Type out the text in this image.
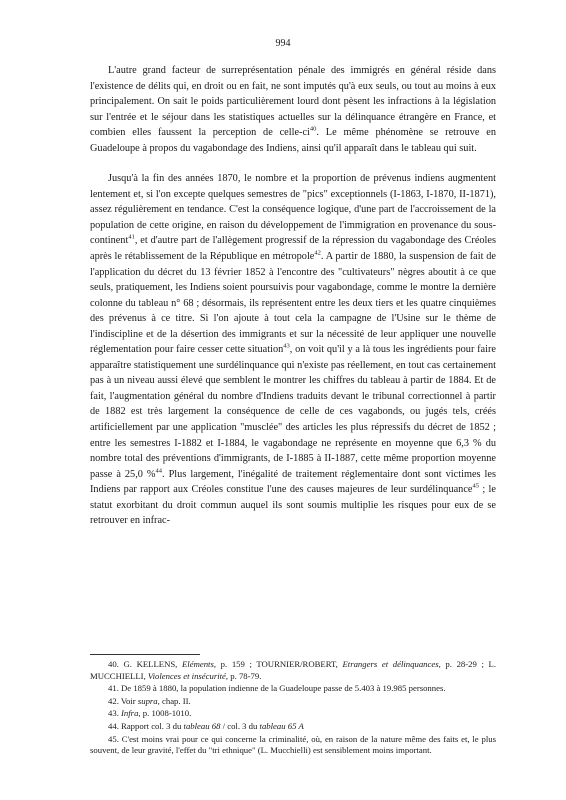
994

L'autre grand facteur de surreprésentation pénale des immigrés en général réside dans l'existence de délits qui, en droit ou en fait, ne sont imputés qu'à eux seuls, ou tout au moins à eux principalement. On sait le poids particulièrement lourd dont pèsent les infractions à la législation sur l'entrée et le séjour dans les statistiques actuelles sur la délinquance étrangère en France, et combien elles faussent la perception de celle-$ci^{40}$. Le même phénomène se retrouve en Guadeloupe à propos du vagabondage des Indiens, ainsi qu'il apparaît dans le tableau qui suit.

Jusqu'à la fin des années 1870, le nombre et la proportion de prévenus indiens augmentent lentement et, si l'on excepte quelques semestres de "pics" exceptionnels (I-1863, I-1870, II-1871), assez régulièrement en tendance. C'est la conséquence logique, d'une part de l'accroissement de la population de cette origine, en raison du développement de l'immigration en provenance du sous-continent$^{41}$, et d'autre part de l'allègement progressif de la répression du vagabondage des Créoles après le rétablissement de la République en métropole$^{42}$. A partir de 1880, la suspension de fait de l'application du décret du 13 février 1852 à l'encontre des "cultivateurs" nègres aboutit à ce que seuls, pratiquement, les Indiens soient poursuivis pour vagabondage, comme le montre la dernière colonne du tableau n° 68 ; désormais, ils représentent entre les deux tiers et les quatre cinquièmes des prévenus à ce titre. Si l'on ajoute à tout cela la campagne de l'Usine sur le thème de l'indiscipline et de la désertion des immigrants et sur la nécessité de leur appliquer une nouvelle réglementation pour faire cesser cette situation$^{43}$, on voit qu'il y a là tous les ingrédients pour faire apparaître statistiquement une surdélinquance qui n'existe pas réellement, en tout cas certainement pas à un niveau aussi élevé que semblent le montrer les chiffres du tableau à partir de 1884. Et de fait, l'augmentation général du nombre d'Indiens traduits devant le tribunal correctionnel à partir de 1882 est très largement la conséquence de celle de ces vagabonds, ou jugés tels, créés artificiellement par une application "musclée" des articles les plus répressifs du décret de 1852 ; entre les semestres I-1882 et I-1884, le vagabondage ne représente en moyenne que 6,3 % du nombre total des préventions d'immigrants, de I-1885 à II-1887, cette même proportion moyenne passe à 25,0 %$^{44}$. Plus largement, l'inégalité de traitement réglementaire dont sont victimes les Indiens par rapport aux Créoles constitue l'une des causes majeures de leur surdélinquance$^{45}$ ; le statut exorbitant du droit commun auquel ils sont soumis multiplie les risques pour eux de se retrouver en infrac-

40. G. KELLENS, Eléments, p. 159 ; TOURNIER/ROBERT, Etrangers et délinquances, p. 28-29 ; L. MUCCHIELLI, Violences et insécurité, p. 78-79.

41. De 1859 à 1880, la population indienne de la Guadeloupe passe de 5.403 à 19.985 personnes.

42. Voir supra, chap. II.

43. Infra, p. 1008-1010.

44. Rapport col. 3 du tableau 68 / col. 3 du tableau 65 A

45. C'est moins vrai pour ce qui concerne la criminalité, où, en raison de la nature même des faits et, le plus souvent, de leur gravité, l'effet du "tri ethnique" (L. Mucchielli) est sensiblement moins important.
